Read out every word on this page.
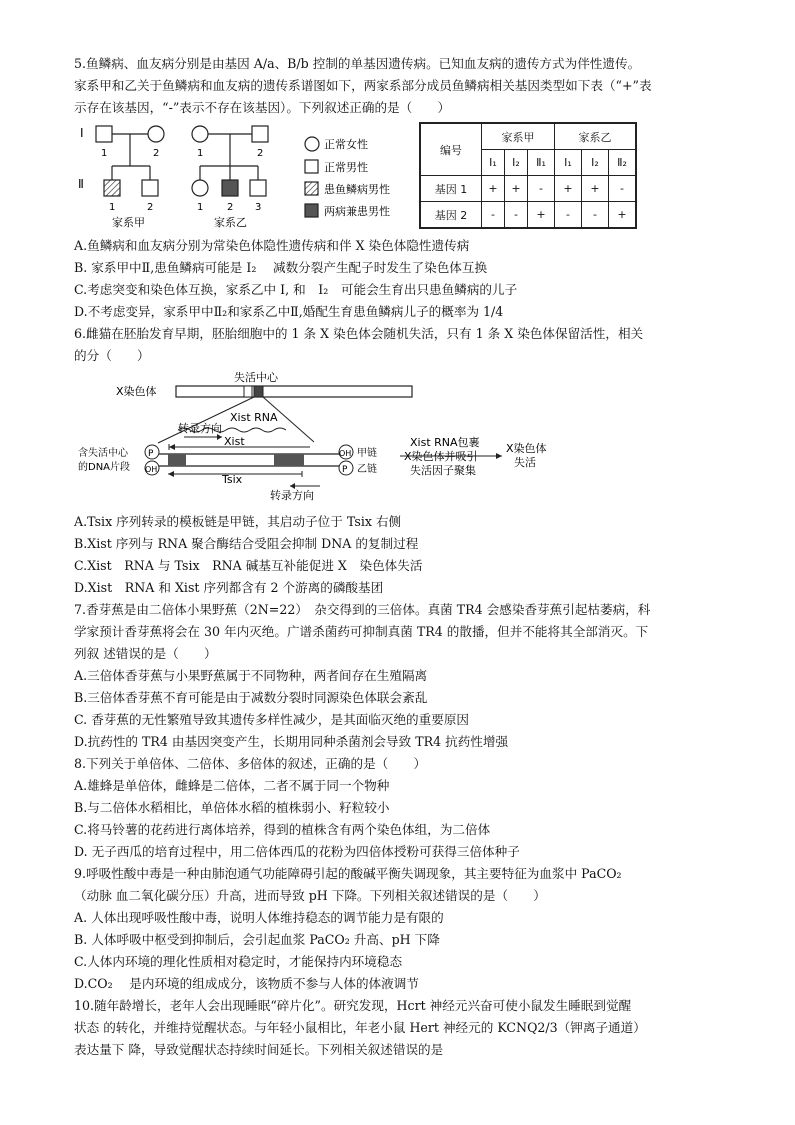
5.鱼鳞病、血友病分别是由基因 A/a、B/b 控制的单基因遗传病。已知血友病的遗传方式为伴性遗传。
家系甲和乙关于鱼鳞病和血友病的遗传系谱图如下，两家系部分成员鱼鳞病相关基因类型如下表（“+”表
示存在该基因，“-”表示不存在该基因）。下列叙述正确的是（　　）
I
Ⅱ
1	2
1	2
家系甲
1	2
1 2 3
家系乙
正常女性
正常男性
患鱼鳞病男性
两病兼患男性
编号	家系甲			家系乙		
	I₁	I₂	Ⅱ₁	I₁	I₂	Ⅱ₂
基因 1	+	+	-	+	+	-
基因 2	-	-	+	-	-	+
A.鱼鳞病和血友病分别为常染色体隐性遗传病和伴 X 染色体隐性遗传病
B. 家系甲中Ⅱ,患鱼鳞病可能是 I₂　 减数分裂产生配子时发生了染色体互换
C.考虑突变和染色体互换，家系乙中 I, 和　I₂　可能会生育出只患鱼鳞病的儿子
D.不考虑变异，家系甲中Ⅱ₂和家系乙中Ⅱ,婚配生育患鱼鳞病儿子的概率为 1/4
6.雌猫在胚胎发育早期，胚胎细胞中的 1 条 X 染色体会随机失活，只有 1 条 X 染色体保留活性，相关
的分（　　）
X染色体
失活中心
Xist RNA
转录方向
Xist
含失活中心
的DNA片段
P
OH
OH
P
甲链
乙链
Tsix
转录方向
Xist RNA包裹
X染色体并吸引
失活因子聚集
X染色体
失活
A.Tsix 序列转录的模板链是甲链，其启动子位于 Tsix 右侧
B.Xist 序列与 RNA 聚合酶结合受阻会抑制 DNA 的复制过程
C.Xist　RNA 与 Tsix　RNA 碱基互补能促进 X　染色体失活
D.Xist　RNA 和 Xist 序列都含有 2 个游离的磷酸基团
7.香芽蕉是由二倍体小果野蕉（2N=22）　杂交得到的三倍体。真菌 TR4 会感染香芽蕉引起枯萎病，科
学家预计香芽蕉将会在 30 年内灭绝。广谱杀菌药可抑制真菌 TR4 的散播，但并不能将其全部消灭。下
列叙 述错误的是（　　）
A.三倍体香芽蕉与小果野蕉属于不同物种，两者间存在生殖隔离
B.三倍体香芽蕉不育可能是由于减数分裂时同源染色体联会紊乱
C. 香芽蕉的无性繁殖导致其遗传多样性减少，是其面临灭绝的重要原因
D.抗药性的 TR4 由基因突变产生，长期用同种杀菌剂会导致 TR4 抗药性增强
8.下列关于单倍体、二倍体、多倍体的叙述，正确的是（　　）
A.雄蜂是单倍体，雌蜂是二倍体，二者不属于同一个物种
B.与二倍体水稻相比，单倍体水稻的植株弱小、籽粒较小
C.将马铃薯的花药进行离体培养，得到的植株含有两个染色体组，为二倍体
D. 无子西瓜的培育过程中，用二倍体西瓜的花粉为四倍体授粉可获得三倍体种子
9.呼吸性酸中毒是一种由肺泡通气功能障碍引起的酸碱平衡失调现象，其主要特征为血浆中 PaCO₂
（动脉 血二氧化碳分压）升高，进而导致 pH 下降。下列相关叙述错误的是（　　）
A. 人体出现呼吸性酸中毒，说明人体维持稳态的调节能力是有限的
B. 人体呼吸中枢受到抑制后，会引起血浆 PaCO₂ 升高、pH 下降
C.人体内环境的理化性质相对稳定时，才能保持内环境稳态
D.CO₂　 是内环境的组成成分，该物质不参与人体的体液调节
10.随年龄增长，老年人会出现睡眠“碎片化”。研究发现，Hcrt 神经元兴奋可使小鼠发生睡眠到觉醒
状态 的转化，并维持觉醒状态。与年轻小鼠相比，年老小鼠 Hert 神经元的 KCNQ2/3（钾离子通道）
表达量下 降，导致觉醒状态持续时间延长。下列相关叙述错误的是
